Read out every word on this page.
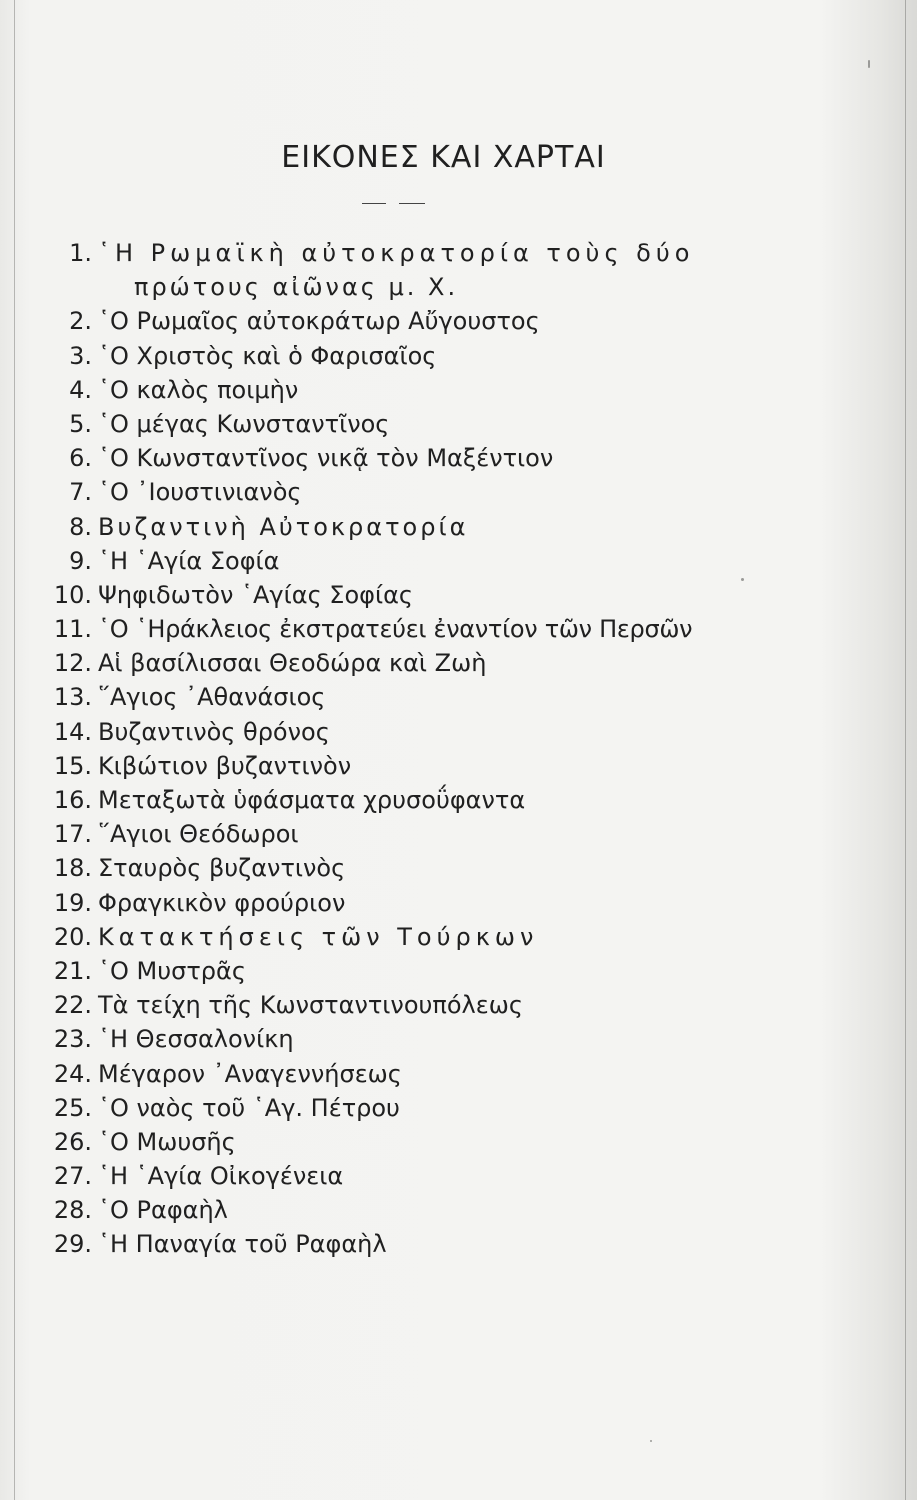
ΕΙΚΟΝΕΣ ΚΑΙ ΧΑΡΤΑΙ
1. ῾Η Ρωμαϊκὴ αὐτοκρατορία τοὺς δύο
πρώτους αἰῶνας μ. Χ.
2. ῾Ο Ρωμαῖος αὐτοκράτωρ Αὔγουστος
3. ῾Ο Χριστὸς καὶ ὁ Φαρισαῖος
4. ῾Ο καλὸς ποιμὴν
5. ῾Ο μέγας Κωνσταντῖνος
6. ῾Ο Κωνσταντῖνος νικᾷ τὸν Μαξέντιον
7. ῾Ο ᾽Ιουστινιανὸς
8. Βυζαντινὴ Αὐτοκρατορία
9. ῾Η ῾Αγία Σοφία
10. Ψηφιδωτὸν ῾Αγίας Σοφίας
11. ῾Ο ῾Ηράκλειος ἐκστρατεύει ἐναντίον τῶν Περσῶν
12. Αἱ βασίλισσαι Θεοδώρα καὶ Ζωὴ
13. ῞Αγιος ᾽Αθανάσιος
14. Βυζαντινὸς θρόνος
15. Κιβώτιον βυζαντινὸν
16. Μεταξωτὰ ὑφάσματα χρυσοΰφαντα
17. ῞Αγιοι Θεόδωροι
18. Σταυρὸς βυζαντινὸς
19. Φραγκικὸν φρούριον
20. Κατακτήσεις τῶν Τούρκων
21. ῾Ο Μυστρᾶς
22. Τὰ τείχη τῆς Κωνσταντινουπόλεως
23. ῾Η Θεσσαλονίκη
24. Μέγαρον ᾽Αναγεννήσεως
25. ῾Ο ναὸς τοῦ ῾Αγ. Πέτρου
26. ῾Ο Μωυσῆς
27. ῾Η ῾Αγία Οἰκογένεια
28. ῾Ο Ραφαὴλ
29. ῾Η Παναγία τοῦ Ραφαὴλ
